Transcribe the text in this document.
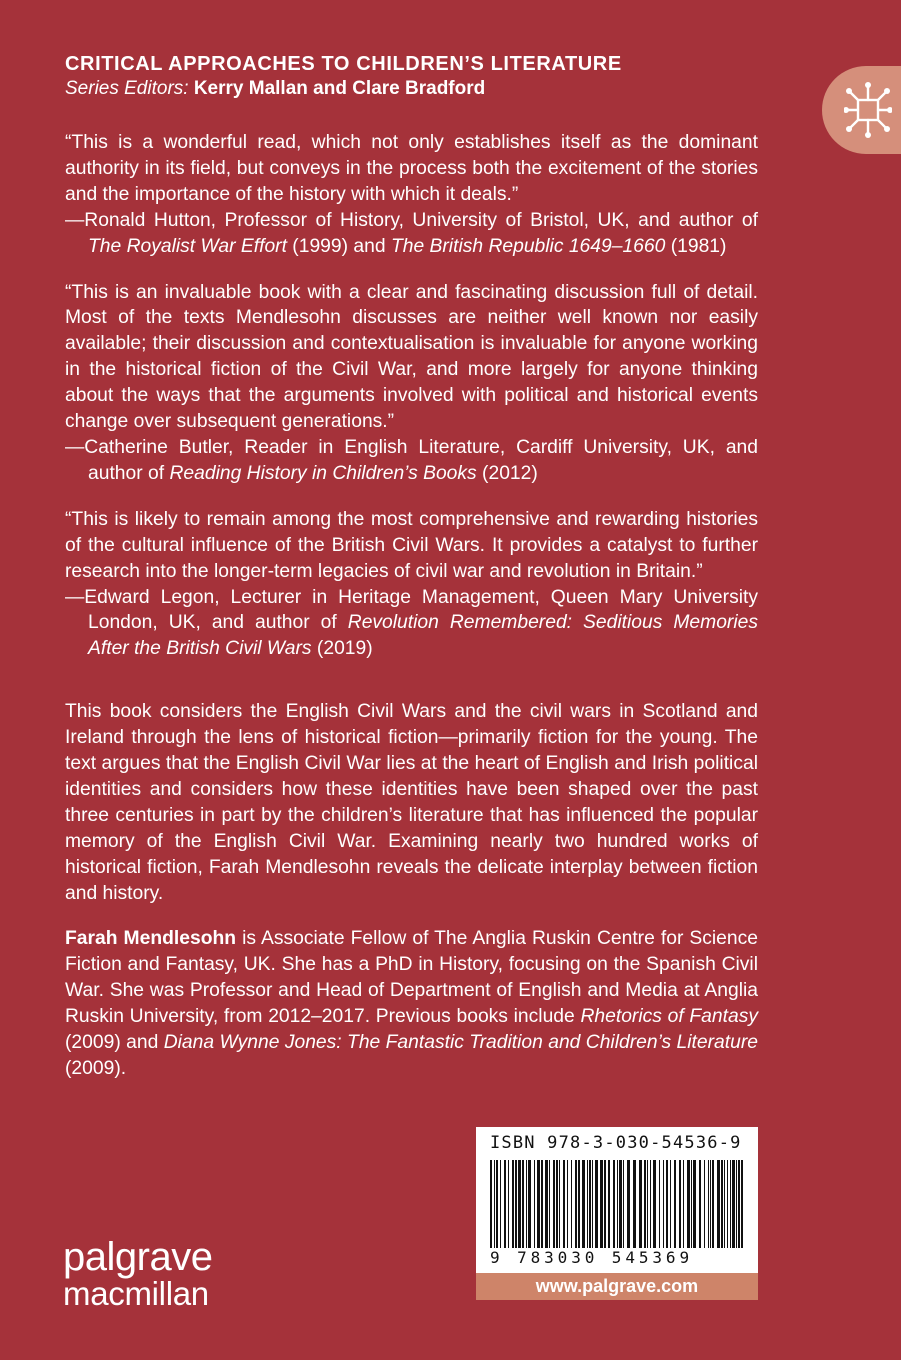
CRITICAL APPROACHES TO CHILDREN’S LITERATURE
Series Editors: Kerry Mallan and Clare Bradford

“This is a wonderful read, which not only establishes itself as the dominant authority in its field, but conveys in the process both the excitement of the stories and the importance of the history with which it deals.”

—Ronald Hutton, Professor of History, University of Bristol, UK, and author of The Royalist War Effort (1999) and The British Republic 1649–1660 (1981)

“This is an invaluable book with a clear and fascinating discussion full of detail. Most of the texts Mendlesohn discusses are neither well known nor easily available; their discussion and contextualisation is invaluable for anyone working in the historical fiction of the Civil War, and more largely for anyone thinking about the ways that the arguments involved with political and historical events change over subsequent generations.”

—Catherine Butler, Reader in English Literature, Cardiff University, UK, and author of Reading History in Children’s Books (2012)

“This is likely to remain among the most comprehensive and rewarding histories of the cultural influence of the British Civil Wars. It provides a catalyst to further research into the longer-term legacies of civil war and revolution in Britain.”

—Edward Legon, Lecturer in Heritage Management, Queen Mary University London, UK, and author of Revolution Remembered: Seditious Memories After the British Civil Wars (2019)

This book considers the English Civil Wars and the civil wars in Scotland and Ireland through the lens of historical fiction—primarily fiction for the young. The text argues that the English Civil War lies at the heart of English and Irish political identities and considers how these identities have been shaped over the past three centuries in part by the children’s literature that has influenced the popular memory of the English Civil War. Examining nearly two hundred works of historical fiction, Farah Mendlesohn reveals the delicate interplay between fiction and history.

Farah Mendlesohn is Associate Fellow of The Anglia Ruskin Centre for Science Fiction and Fantasy, UK. She has a PhD in History, focusing on the Spanish Civil War. She was Professor and Head of Department of English and Media at Anglia Ruskin University, from 2012–2017. Previous books include Rhetorics of Fantasy (2009) and Diana Wynne Jones: The Fantastic Tradition and Children’s Literature (2009).

ISBN 978-3-030-54536-9
9 783030 545369
www.palgrave.com
palgrave
macmillan
